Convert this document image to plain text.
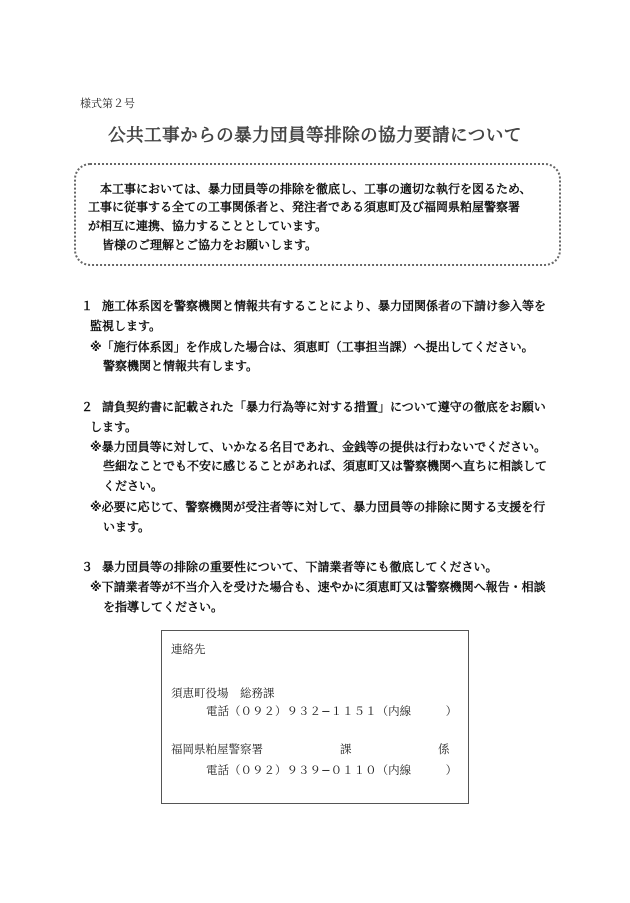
様式第２号
公共工事からの暴力団員等排除の協力要請について
本工事においては、暴力団員等の排除を徹底し、工事の適切な執行を図るため、
工事に従事する全ての工事関係者と、発注者である須恵町及び福岡県粕屋警察署
が相互に連携、協力することとしています。
皆様のご理解とご協力をお願いします。
１ 施工体系図を警察機関と情報共有することにより、暴力団関係者の下請け参入等を
監視します。
※「施行体系図」を作成した場合は、須恵町（工事担当課）へ提出してください。
警察機関と情報共有します。
２ 請負契約書に記載された「暴力行為等に対する措置」について遵守の徹底をお願い
します。
※暴力団員等に対して、いかなる名目であれ、金銭等の提供は行わないでください。
些細なことでも不安に感じることがあれば、須恵町又は警察機関へ直ちに相談して
ください。
※必要に応じて、警察機関が受注者等に対して、暴力団員等の排除に関する支援を行
います。
３ 暴力団員等の排除の重要性について、下請業者等にも徹底してください。
※下請業者等が不当介入を受けた場合も、速やかに須恵町又は警察機関へ報告・相談
を指導してください。
連絡先
須恵町役場　総務課
電話（０９２）９３２−１１５１（内線　　　）
福岡県粕屋警察署	課	係
電話（０９２）９３９−０１１０（内線　　　）
